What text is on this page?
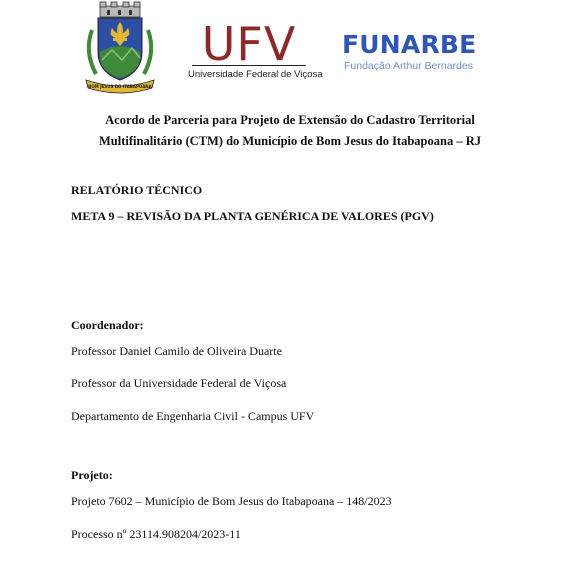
BOM JESUS DO ITABAPOANA
UFV
Universidade Federal de Viçosa
FUNARBE
Fundação Arthur Bernardes
Acordo de Parceria para Projeto de Extensão do Cadastro Territorial
Multifinalitário (CTM) do Município de Bom Jesus do Itabapoana – RJ
RELATÓRIO TÉCNICO
META 9 – REVISÃO DA PLANTA GENÉRICA DE VALORES (PGV)
Coordenador:
Professor Daniel Camilo de Oliveira Duarte
Professor da Universidade Federal de Viçosa
Departamento de Engenharia Civil - Campus UFV
Projeto:
Projeto 7602 – Município de Bom Jesus do Itabapoana – 148/2023
Processo nº 23114.908204/2023-11
